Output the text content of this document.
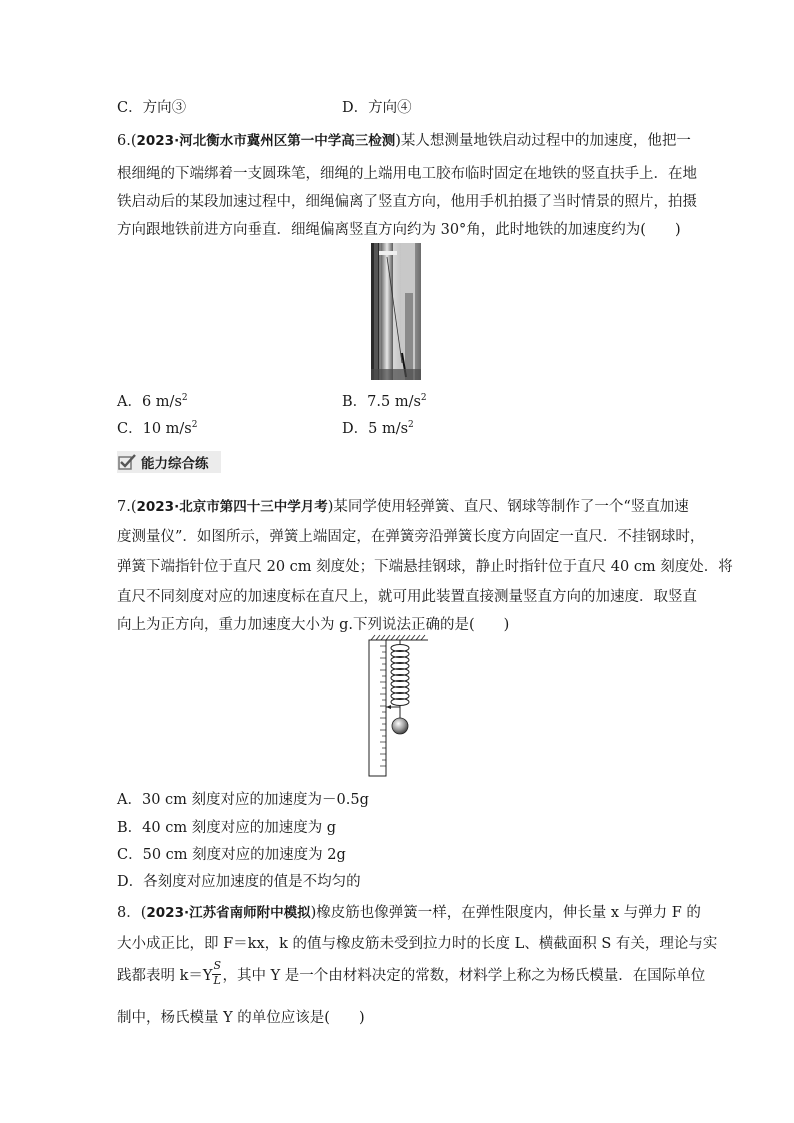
C．方向③	D．方向④
6.(2023·河北衡水市冀州区第一中学高三检测)某人想测量地铁启动过程中的加速度，他把一
根细绳的下端绑着一支圆珠笔，细绳的上端用电工胶布临时固定在地铁的竖直扶手上．在地
铁启动后的某段加速过程中，细绳偏离了竖直方向，他用手机拍摄了当时情景的照片，拍摄
方向跟地铁前进方向垂直．细绳偏离竖直方向约为 30°角，此时地铁的加速度约为(　　)
A．6 $m/s^2$	B．7.5 $m/s^2$
C．10 $m/s^2$	D．5 $m/s^2$
能力综合练
7.(2023·北京市第四十三中学月考)某同学使用轻弹簧、直尺、钢球等制作了一个“竖直加速
度测量仪”．如图所示，弹簧上端固定，在弹簧旁沿弹簧长度方向固定一直尺．不挂钢球时，
弹簧下端指针位于直尺 20 cm 刻度处；下端悬挂钢球，静止时指针位于直尺 40 cm 刻度处．将
直尺不同刻度对应的加速度标在直尺上，就可用此装置直接测量竖直方向的加速度．取竖直
向上为正方向，重力加速度大小为 g.下列说法正确的是(　　)
A．30 cm 刻度对应的加速度为－0.5g
B．40 cm 刻度对应的加速度为 g
C．50 cm 刻度对应的加速度为 2g
D．各刻度对应加速度的值是不均匀的
8．(2023·江苏省南师附中模拟)橡皮筋也像弹簧一样，在弹性限度内，伸长量 x 与弹力 F 的
大小成正比，即 F＝kx，k 的值与橡皮筋未受到拉力时的长度 L、横截面积 S 有关，理论与实
践都表明 $k=Y \frac{S}{L}$ ，其中 Y 是一个由材料决定的常数，材料学上称之为杨氏模量．在国际单位
制中，杨氏模量 Y 的单位应该是(　　)
